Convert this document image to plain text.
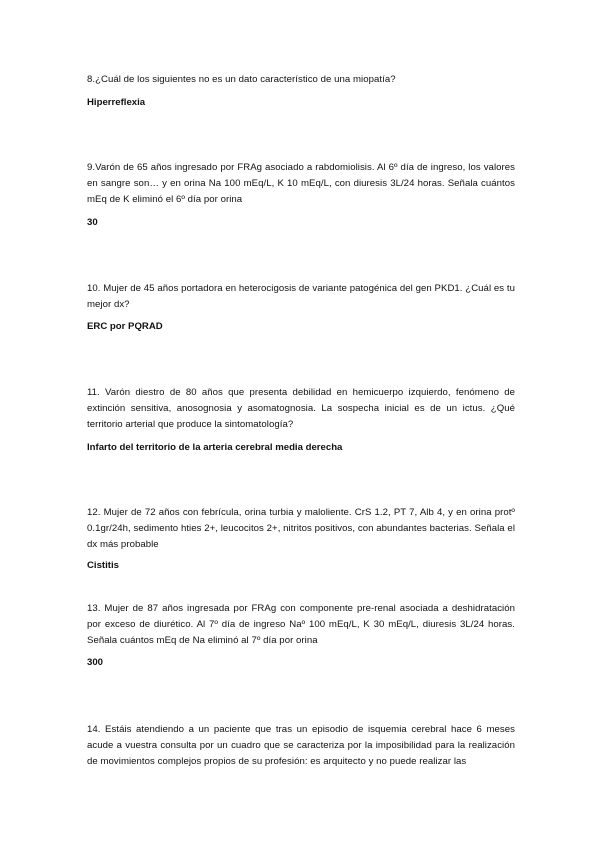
8.¿Cuál de los siguientes no es un dato característico de una miopatía?

Hiperreflexia

9.Varón de 65 años ingresado por FRAg asociado a rabdomiolisis. Al 6º día de ingreso, los valores en sangre son… y en orina Na 100 mEq/L, K 10 mEq/L, con diuresis 3L/24 horas. Señala cuántos mEq de K eliminó el 6º día por orina

30

10. Mujer de 45 años portadora en heterocigosis de variante patogénica del gen PKD1. ¿Cuál es tu mejor dx?

ERC por PQRAD

11. Varón diestro de 80 años que presenta debilidad en hemicuerpo izquierdo, fenómeno de extinción sensitiva, anosognosia y asomatognosia. La sospecha inicial es de un ictus. ¿Qué territorio arterial que produce la sintomatología?

Infarto del territorio de la arteria cerebral media derecha

12. Mujer de 72 años con febrícula, orina turbia y maloliente. CrS 1.2, PT 7, Alb 4, y en orina protº 0.1gr/24h, sedimento hties 2+, leucocitos 2+, nitritos positivos, con abundantes bacterias. Señala el dx más probable

Cistitis

13. Mujer de 87 años ingresada por FRAg con componente pre-renal asociada a deshidratación por exceso de diurético. Al 7º día de ingreso Naº 100 mEq/L, K 30 mEq/L, diuresis 3L/24 horas. Señala cuántos mEq de Na eliminó al 7º día por orina

300

14. Estáis atendiendo a un paciente que tras un episodio de isquemia cerebral hace 6 meses acude a vuestra consulta por un cuadro que se caracteriza por la imposibilidad para la realización de movimientos complejos propios de su profesión: es arquitecto y no puede realizar las
